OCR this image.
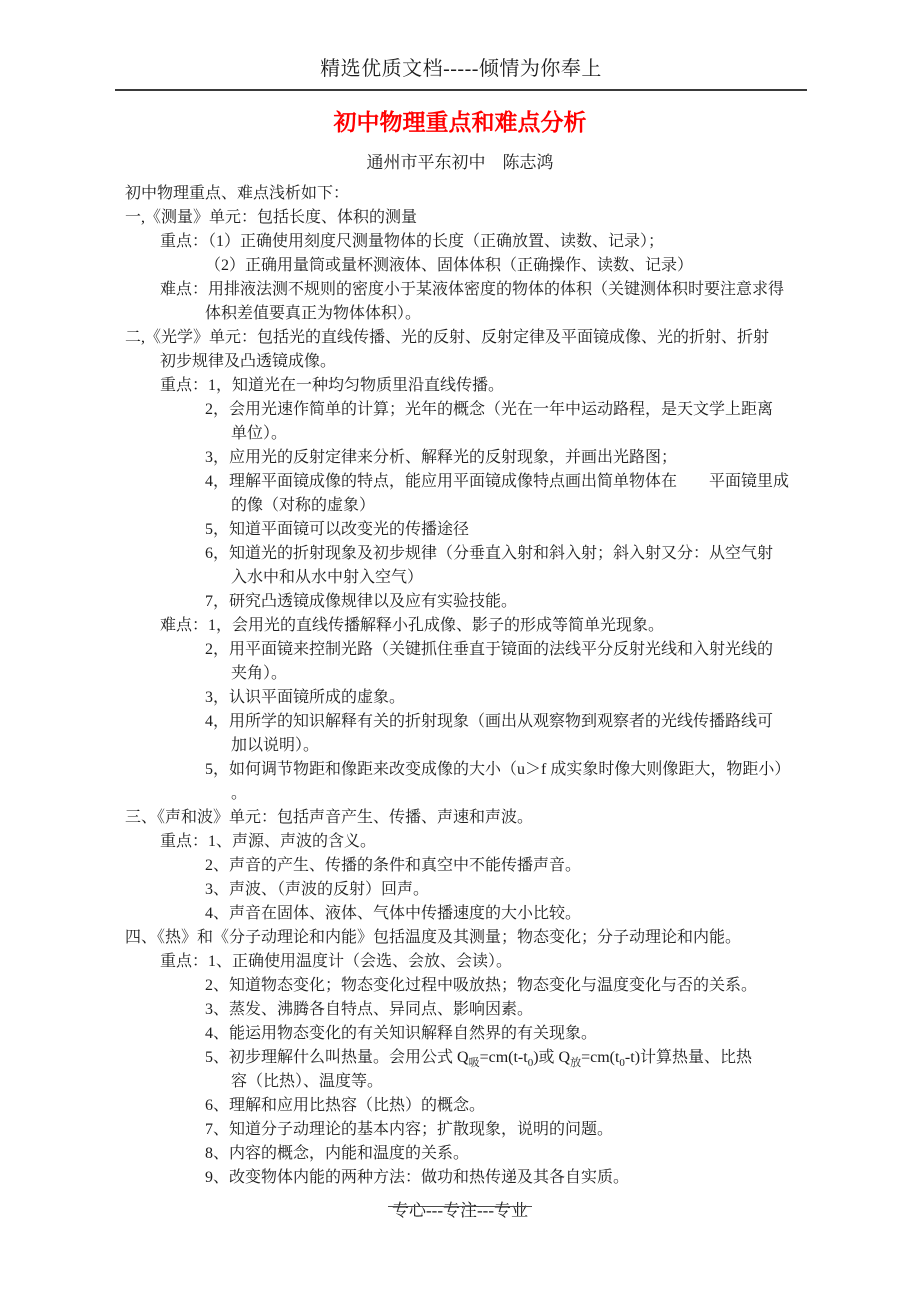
精选优质文档-----倾情为你奉上
初中物理重点和难点分析
通州市平东初中　陈志鸿
初中物理重点、难点浅析如下：
一,《测量》单元：包括长度、体积的测量
重点：（1）正确使用刻度尺测量物体的长度（正确放置、读数、记录）；
（2）正确用量筒或量杯测液体、固体体积（正确操作、读数、记录）
难点：用排液法测不规则的密度小于某液体密度的物体的体积（关键测体积时要注意求得
体积差值要真正为物体体积）。
二,《光学》单元：包括光的直线传播、光的反射、反射定律及平面镜成像、光的折射、折射
初步规律及凸透镜成像。
重点：1，知道光在一种均匀物质里沿直线传播。
2，会用光速作简单的计算；光年的概念（光在一年中运动路程，是天文学上距离
单位）。
3，应用光的反射定律来分析、解释光的反射现象，并画出光路图；
4，理解平面镜成像的特点，能应用平面镜成像特点画出简单物体在　　平面镜里成
的像（对称的虚象）
5，知道平面镜可以改变光的传播途径
6，知道光的折射现象及初步规律（分垂直入射和斜入射；斜入射又分：从空气射
入水中和从水中射入空气）
7，研究凸透镜成像规律以及应有实验技能。
难点：1，会用光的直线传播解释小孔成像、影子的形成等简单光现象。
2，用平面镜来控制光路（关键抓住垂直于镜面的法线平分反射光线和入射光线的
夹角）。
3，认识平面镜所成的虚象。
4，用所学的知识解释有关的折射现象（画出从观察物到观察者的光线传播路线可
加以说明）。
5，如何调节物距和像距来改变成像的大小（u＞f 成实象时像大则像距大，物距小）
。
三、《声和波》单元：包括声音产生、传播、声速和声波。
重点：1、声源、声波的含义。
2、声音的产生、传播的条件和真空中不能传播声音。
3、声波、（声波的反射）回声。
4、声音在固体、液体、气体中传播速度的大小比较。
四、《热》和《分子动理论和内能》包括温度及其测量；物态变化；分子动理论和内能。
重点：1、正确使用温度计（会选、会放、会读）。
2、知道物态变化；物态变化过程中吸放热；物态变化与温度变化与否的关系。
3、蒸发、沸腾各自特点、异同点、影响因素。
4、能运用物态变化的有关知识解释自然界的有关现象。
5、初步理解什么叫热量。会用公式 $Q_吸=cm(t-t_0)$或 $Q_放=cm(t_0-t)$计算热量、比热
容（比热）、温度等。
6、理解和应用比热容（比热）的概念。
7、知道分子动理论的基本内容；扩散现象，说明的问题。
8、内容的概念，内能和温度的关系。
9、改变物体内能的两种方法：做功和热传递及其各自实质。
专心---专注---专业
